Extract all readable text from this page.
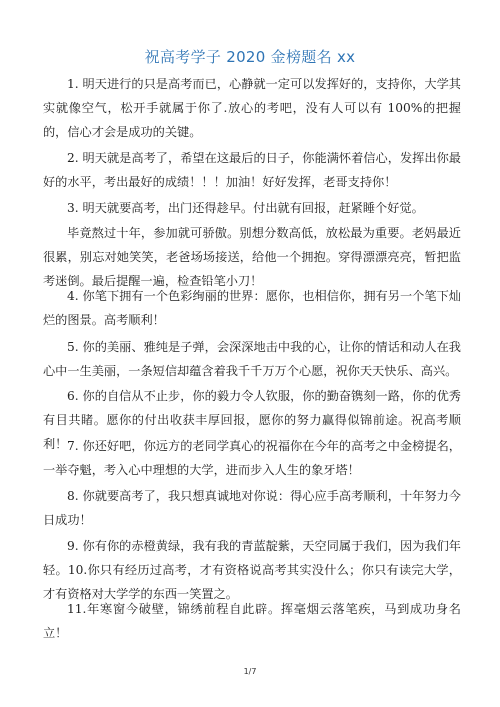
祝高考学子 2020 金榜题名 xx

1. 明天进行的只是高考而已，心静就一定可以发挥好的，支持你，大学其实就像空气，松开手就属于你了.放心的考吧，没有人可以有 100%的把握的，信心才会是成功的关键。

2. 明天就是高考了，希望在这最后的日子，你能满怀着信心，发挥出你最好的水平，考出最好的成绩！！！加油！好好发挥，老哥支持你！

3. 明天就要高考，出门还得趁早。付出就有回报，赶紧睡个好觉。

毕竟熬过十年，参加就可骄傲。别想分数高低，放松最为重要。老妈最近很累，别忘对她笑笑，老爸场场接送，给他一个拥抱。穿得漂漂亮亮，暂把监考迷倒。最后提醒一遍，检查铅笔小刀！

4. 你笔下拥有一个色彩绚丽的世界：愿你，也相信你，拥有另一个笔下灿烂的图景。高考顺利！

5. 你的美丽、雅纯是子弹，会深深地击中我的心，让你的情话和动人在我心中一生美丽，一条短信却蕴含着我千千万万个心愿，祝你天天快乐、高兴。

6. 你的自信从不止步，你的毅力令人钦服，你的勤奋镌刻一路，你的优秀有目共睹。愿你的付出收获丰厚回报，愿你的努力赢得似锦前途。祝高考顺利！ 7. 你还好吧，你远方的老同学真心的祝福你在今年的高考之中金榜提名，一举夺魁，考入心中理想的大学，进而步入人生的象牙塔！

8. 你就要高考了，我只想真诚地对你说：得心应手高考顺利，十年努力今日成功！

9. 你有你的赤橙黄绿，我有我的青蓝靛紫，天空同属于我们，因为我们年轻。10.你只有经历过高考，才有资格说高考其实没什么；你只有读完大学，才有资格对大学学的东西一笑置之。

11.年寒窗今破壁，锦绣前程自此辟。挥毫烟云落笔疾，马到成功身名立！

1/7
